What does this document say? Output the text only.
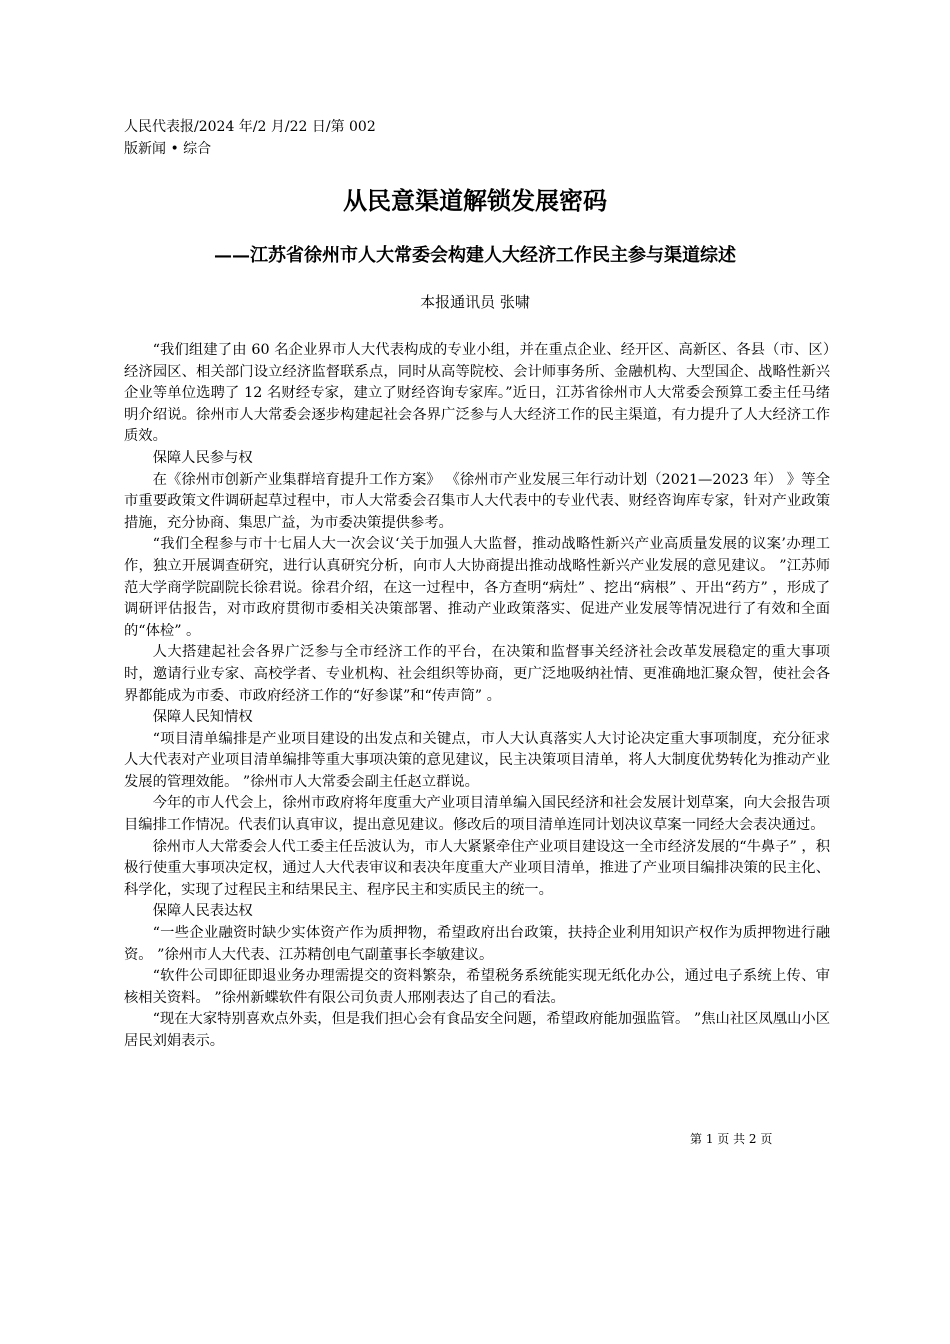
人民代表报/2024 年/2 月/22 日/第 002
版新闻 • 综合
从民意渠道解锁发展密码
——江苏省徐州市人大常委会构建人大经济工作民主参与渠道综述
本报通讯员 张啸

“我们组建了由 60 名企业界市人大代表构成的专业小组，并在重点企业、经开区、高新区、各县（市、区）经济园区、相关部门设立经济监督联系点，同时从高等院校、会计师事务所、金融机构、大型国企、战略性新兴企业等单位选聘了 12 名财经专家，建立了财经咨询专家库。”近日，江苏省徐州市人大常委会预算工委主任马绪明介绍说。徐州市人大常委会逐步构建起社会各界广泛参与人大经济工作的民主渠道，有力提升了人大经济工作质效。

保障人民参与权

在《徐州市创新产业集群培育提升工作方案》 《徐州市产业发展三年行动计划（2021—2023 年） 》等全市重要政策文件调研起草过程中，市人大常委会召集市人大代表中的专业代表、财经咨询库专家，针对产业政策措施，充分协商、集思广益，为市委决策提供参考。

“我们全程参与市十七届人大一次会议‘关于加强人大监督，推动战略性新兴产业高质量发展的议案’办理工作，独立开展调查研究，进行认真研究分析，向市人大协商提出推动战略性新兴产业发展的意见建议。 ”江苏师范大学商学院副院长徐君说。徐君介绍，在这一过程中，各方查明“病灶” 、挖出“病根” 、开出“药方” ，形成了调研评估报告，对市政府贯彻市委相关决策部署、推动产业政策落实、促进产业发展等情况进行了有效和全面的“体检” 。

人大搭建起社会各界广泛参与全市经济工作的平台，在决策和监督事关经济社会改革发展稳定的重大事项时，邀请行业专家、高校学者、专业机构、社会组织等协商，更广泛地吸纳社情、更准确地汇聚众智，使社会各界都能成为市委、市政府经济工作的“好参谋”和“传声筒” 。

保障人民知情权

“项目清单编排是产业项目建设的出发点和关键点，市人大认真落实人大讨论决定重大事项制度，充分征求人大代表对产业项目清单编排等重大事项决策的意见建议，民主决策项目清单，将人大制度优势转化为推动产业发展的管理效能。 ”徐州市人大常委会副主任赵立群说。

今年的市人代会上，徐州市政府将年度重大产业项目清单编入国民经济和社会发展计划草案，向大会报告项目编排工作情况。代表们认真审议，提出意见建议。修改后的项目清单连同计划决议草案一同经大会表决通过。

徐州市人大常委会人代工委主任岳波认为，市人大紧紧牵住产业项目建设这一全市经济发展的“牛鼻子” ，积极行使重大事项决定权，通过人大代表审议和表决年度重大产业项目清单，推进了产业项目编排决策的民主化、科学化，实现了过程民主和结果民主、程序民主和实质民主的统一。

保障人民表达权

“一些企业融资时缺少实体资产作为质押物，希望政府出台政策，扶持企业利用知识产权作为质押物进行融资。 ”徐州市人大代表、江苏精创电气副董事长李敏建议。

“软件公司即征即退业务办理需提交的资料繁杂，希望税务系统能实现无纸化办公，通过电子系统上传、审核相关资料。 ”徐州新蝶软件有限公司负责人邢刚表达了自己的看法。

“现在大家特别喜欢点外卖，但是我们担心会有食品安全问题，希望政府能加强监管。 ”焦山社区凤凰山小区居民刘娟表示。

第 1 页 共 2 页
